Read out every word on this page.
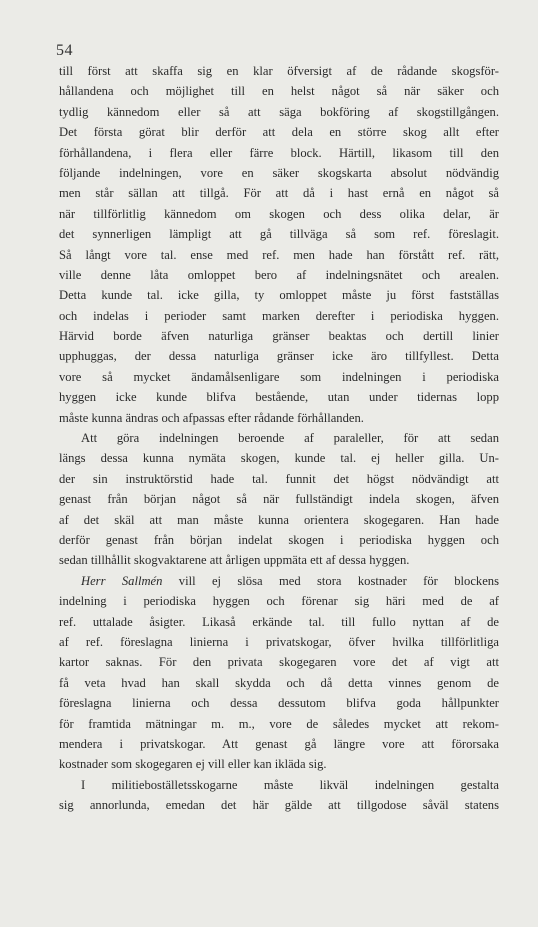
54
till först att skaffa sig en klar öfversigt af de rådande skogsför-
hållandena och möjlighet till en helst något så när säker och
tydlig kännedom eller så att säga bokföring af skogstillgången.
Det första görat blir derför att dela en större skog allt efter
förhållandena, i flera eller färre block. Härtill, likasom till den
följande indelningen, vore en säker skogskarta absolut nödvändig
men står sällan att tillgå. För att då i hast ernå en något så
när tillförlitlig kännedom om skogen och dess olika delar, är
det synnerligen lämpligt att gå tillväga så som ref. föreslagit.
Så långt vore tal. ense med ref. men hade han förstått ref. rätt,
ville denne låta omloppet bero af indelningsnätet och arealen.
Detta kunde tal. icke gilla, ty omloppet måste ju först fastställas
och indelas i perioder samt marken derefter i periodiska hyggen.
Härvid borde äfven naturliga gränser beaktas och dertill linier
upphuggas, der dessa naturliga gränser icke äro tillfyllest. Detta
vore så mycket ändamålsenligare som indelningen i periodiska
hyggen icke kunde blifva bestående, utan under tidernas lopp
måste kunna ändras och afpassas efter rådande förhållanden.
Att göra indelningen beroende af paraleller, för att sedan
längs dessa kunna nymäta skogen, kunde tal. ej heller gilla. Un-
der sin instruktörstid hade tal. funnit det högst nödvändigt att
genast från början något så när fullständigt indela skogen, äfven
af det skäl att man måste kunna orientera skogegaren. Han hade
derför genast från början indelat skogen i periodiska hyggen och
sedan tillhållit skogvaktarene att årligen uppmäta ett af dessa hyggen.
Herr Sallmén vill ej slösa med stora kostnader för blockens
indelning i periodiska hyggen och förenar sig häri med de af
ref. uttalade åsigter. Likaså erkände tal. till fullo nyttan af de
af ref. föreslagna linierna i privatskogar, öfver hvilka tillförlitliga
kartor saknas. För den privata skogegaren vore det af vigt att
få veta hvad han skall skydda och då detta vinnes genom de
föreslagna linierna och dessa dessutom blifva goda hållpunkter
för framtida mätningar m. m., vore de således mycket att rekom-
mendera i privatskogar. Att genast gå längre vore att förorsaka
kostnader som skogegaren ej vill eller kan ikläda sig.
I militiebostället​sskogarne måste likväl indelningen gestalta
sig annorlunda, emedan det här gälde att tillgodose såväl statens
